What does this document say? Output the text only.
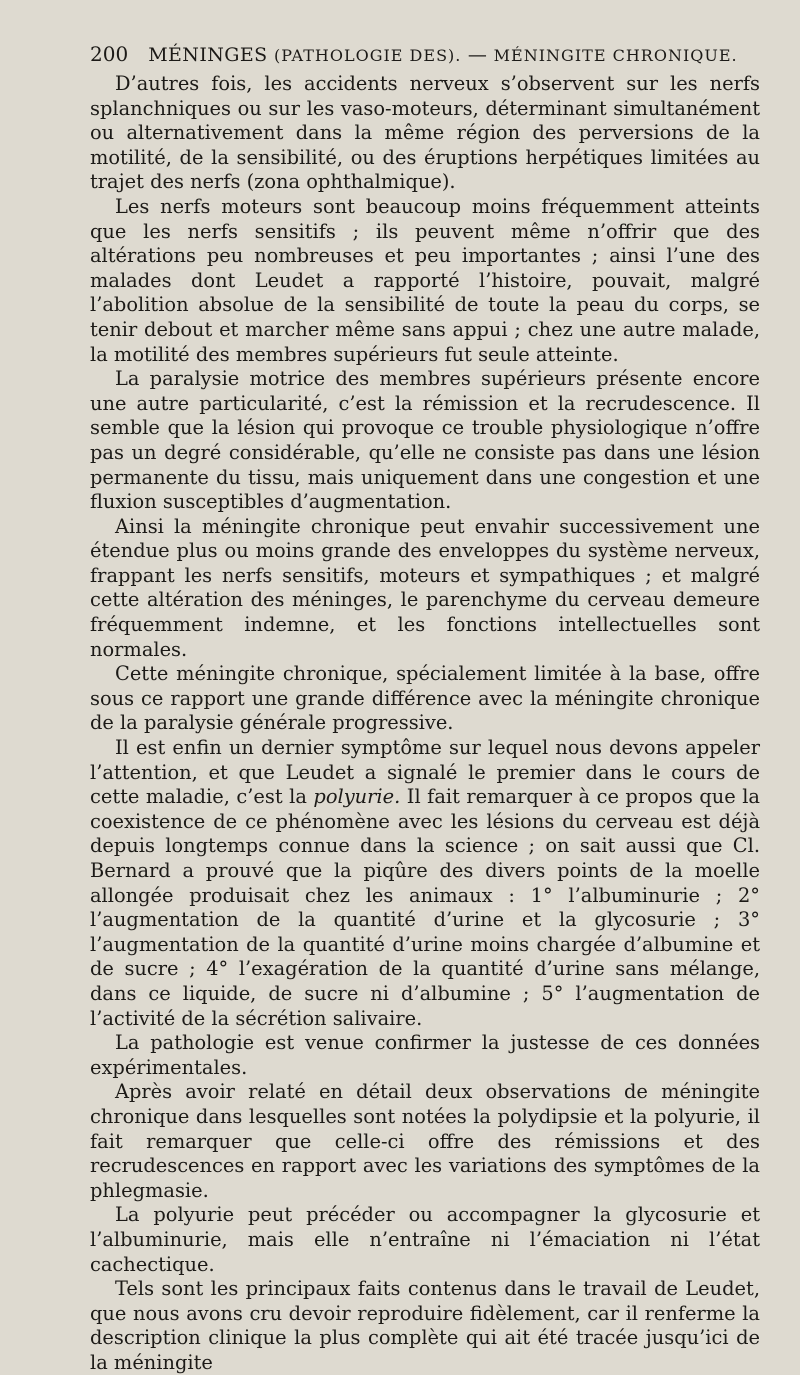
200 MÉNINGES (PATHOLOGIE DES). — MÉNINGITE CHRONIQUE.

D’autres fois, les accidents nerveux s’observent sur les nerfs splanchniques ou sur les vaso-moteurs, déterminant simultanément ou alternativement dans la même région des perversions de la motilité, de la sensibilité, ou des éruptions herpétiques limitées au trajet des nerfs (zona ophthalmique).

Les nerfs moteurs sont beaucoup moins fréquemment atteints que les nerfs sensitifs ; ils peuvent même n’offrir que des altérations peu nombreuses et peu importantes ; ainsi l’une des malades dont Leudet a rapporté l’histoire, pouvait, malgré l’abolition absolue de la sensibilité de toute la peau du corps, se tenir debout et marcher même sans appui ; chez une autre malade, la motilité des membres supérieurs fut seule atteinte.

La paralysie motrice des membres supérieurs présente encore une autre particularité, c’est la rémission et la recrudescence. Il semble que la lésion qui provoque ce trouble physiologique n’offre pas un degré considérable, qu’elle ne consiste pas dans une lésion permanente du tissu, mais uniquement dans une congestion et une fluxion susceptibles d’augmentation.

Ainsi la méningite chronique peut envahir successivement une étendue plus ou moins grande des enveloppes du système nerveux, frappant les nerfs sensitifs, moteurs et sympathiques ; et malgré cette altération des méninges, le parenchyme du cerveau demeure fréquemment indemne, et les fonctions intellectuelles sont normales.

Cette méningite chronique, spécialement limitée à la base, offre sous ce rapport une grande différence avec la méningite chronique de la paralysie générale progressive.

Il est enfin un dernier symptôme sur lequel nous devons appeler l’attention, et que Leudet a signalé le premier dans le cours de cette maladie, c’est la polyurie. Il fait remarquer à ce propos que la coexistence de ce phénomène avec les lésions du cerveau est déjà depuis longtemps connue dans la science ; on sait aussi que Cl. Bernard a prouvé que la piqûre des divers points de la moelle allongée produisait chez les animaux : 1° l’albuminurie ; 2° l’augmentation de la quantité d’urine et la glycosurie ; 3° l’augmentation de la quantité d’urine moins chargée d’albumine et de sucre ; 4° l’exagération de la quantité d’urine sans mélange, dans ce liquide, de sucre ni d’albumine ; 5° l’augmentation de l’activité de la sécrétion salivaire.

La pathologie est venue confirmer la justesse de ces données expérimentales.

Après avoir relaté en détail deux observations de méningite chronique dans lesquelles sont notées la polydipsie et la polyurie, il fait remarquer que celle-ci offre des rémissions et des recrudescences en rapport avec les variations des symptômes de la phlegmasie.

La polyurie peut précéder ou accompagner la glycosurie et l’albuminurie, mais elle n’entraîne ni l’émaciation ni l’état cachectique.

Tels sont les principaux faits contenus dans le travail de Leudet, que nous avons cru devoir reproduire fidèlement, car il renferme la description clinique la plus complète qui ait été tracée jusqu’ici de la méningite
